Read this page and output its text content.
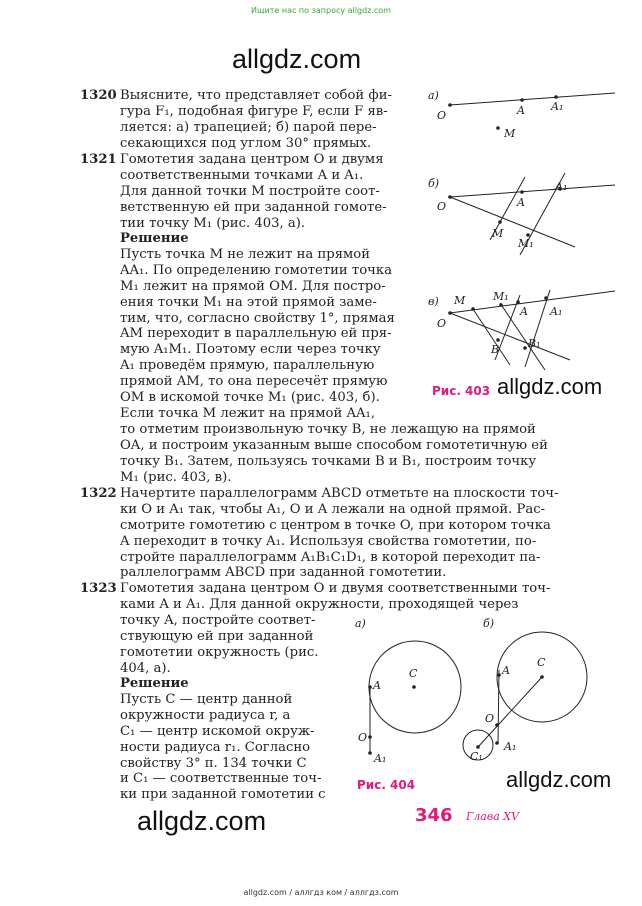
Ищите нас по запросу allgdz.com
allgdz.com
allgdz.com
allgdz.com
allgdz.com
1320 Выясните, что представляет собой фи-
гура F₁, подобная фигуре F, если F яв-
ляется: а) трапецией; б) парой пере-
секающихся под углом 30° прямых.
1321 Гомотетия задана центром O и двумя
соответственными точками A и A₁.
Для данной точки M постройте соот-
ветственную ей при заданной гомоте-
тии точку M₁ (рис. 403, а).
Решение
Пусть точка M не лежит на прямой
AA₁. По определению гомотетии точка
M₁ лежит на прямой OM. Для постро-
ения точки M₁ на этой прямой заме-
тим, что, согласно свойству 1°, прямая
AM переходит в параллельную ей пря-
мую A₁M₁. Поэтому если через точку
A₁ проведём прямую, параллельную
прямой AM, то она пересечёт прямую
OM в искомой точке M₁ (рис. 403, б).
Если точка M лежит на прямой AA₁,
то отметим произвольную точку B, не лежащую на прямой
OA, и построим указанным выше способом гомотетичную ей
точку B₁. Затем, пользуясь точками B и B₁, построим точку
M₁ (рис. 403, в).
1322 Начертите параллелограмм ABCD отметьте на плоскости точ-
ки O и A₁ так, чтобы A₁, O и A лежали на одной прямой. Рас-
смотрите гомотетию с центром в точке O, при котором точка
A переходит в точку A₁. Используя свойства гомотетии, по-
стройте параллелограмм A₁B₁C₁D₁, в которой переходит па-
раллелограмм ABCD при заданной гомотетии.
1323 Гомотетия задана центром O и двумя соответственными точ-
ками A и A₁. Для данной окружности, проходящей через
точку A, постройте соответ-
ствующую ей при заданной
гомотетии окружность (рис.
404, а).
Решение
Пусть C — центр данной
окружности радиуса r, а
C₁ — центр искомой окруж-
ности радиуса r₁. Согласно
свойству 3° п. 134 точки C
и C₁ — соответственные точ-
ки при заданной гомотетии с
а)
O	A A₁
M
б)
O	A
A₁
M
M₁
в)
O
M	M₁
A A₁
B	B₁
Рис. 403
а)
C
A
O
A₁
б)
C
A
O
C₁
A₁
Рис. 404
346 Глава XV
allgdz.com / аллгдз ком / аллгдз.com
